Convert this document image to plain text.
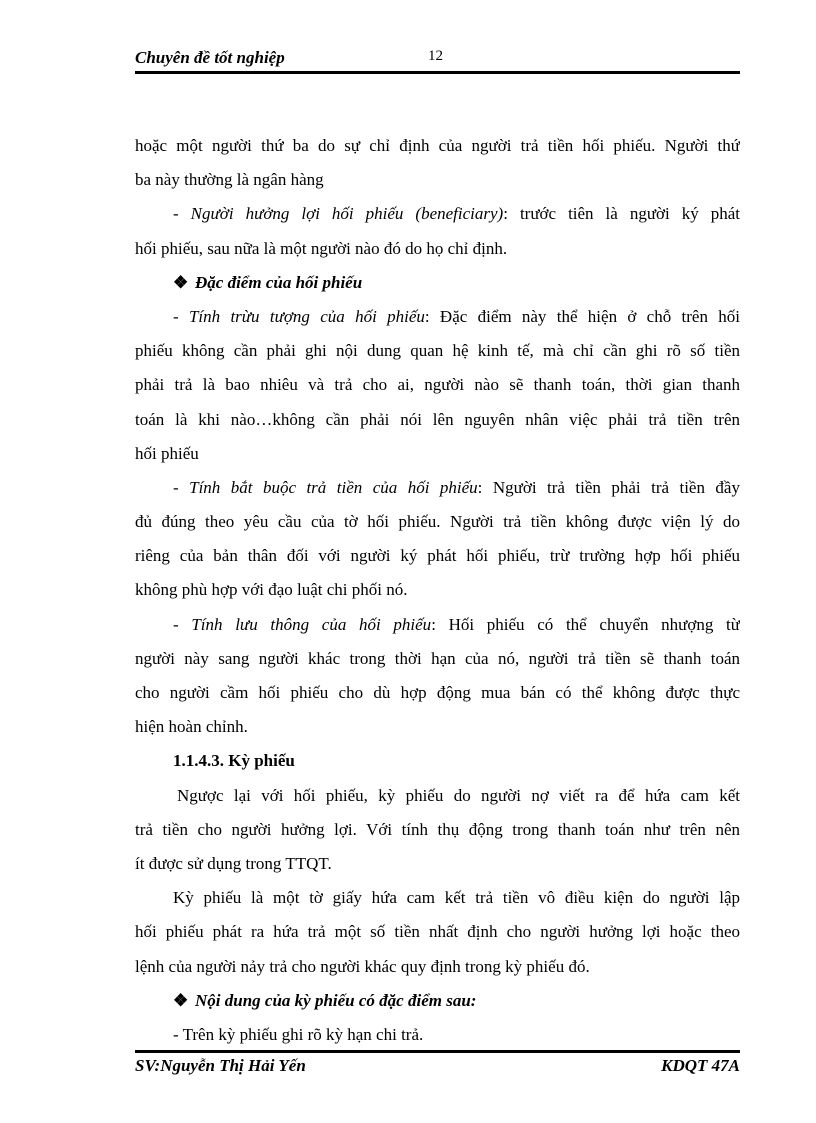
Chuyên đề tốt nghiệp	12
hoặc một người thứ ba do sự chỉ định của người trả tiền hối phiếu. Người thứ
ba này thường là ngân hàng
- Người hưởng lợi hối phiếu (beneficiary): trước tiên là người ký phát
hối phiếu, sau nữa là một người nào đó do họ chỉ định.
❖ Đặc điểm của hối phiếu
- Tính trừu tượng của hối phiếu: Đặc điểm này thể hiện ở chỗ trên hối
phiếu không cần phải ghi nội dung quan hệ kinh tế, mà chỉ cần ghi rõ số tiền
phải trả là bao nhiêu và trả cho ai, người nào sẽ thanh toán, thời gian thanh
toán là khi nào…không cần phải nói lên nguyên nhân việc phải trả tiền trên
hối phiếu
- Tính bắt buộc trả tiền của hối phiếu: Người trả tiền phải trả tiền đầy
đủ đúng theo yêu cầu của tờ hối phiếu. Người trả tiền không được viện lý do
riêng của bản thân đối với người ký phát hối phiếu, trừ trường hợp hối phiếu
không phù hợp với đạo luật chi phối nó.
- Tính lưu thông của hối phiếu: Hối phiếu có thể chuyển nhượng từ
người này sang người khác trong thời hạn của nó, người trả tiền sẽ thanh toán
cho người cầm hối phiếu cho dù hợp động mua bán có thể không được thực
hiện hoàn chỉnh.
1.1.4.3. Kỳ phiếu
Ngược lại với hối phiếu, kỳ phiếu do người nợ viết ra để hứa cam kết
trả tiền cho người hưởng lợi. Với tính thụ động trong thanh toán như trên nên
ít được sử dụng trong TTQT.
Kỳ phiếu là một tờ giấy hứa cam kết trả tiền vô điều kiện do người lập
hối phiếu phát ra hứa trả một số tiền nhất định cho người hưởng lợi hoặc theo
lệnh của người nảy trả cho người khác quy định trong kỳ phiếu đó.
❖ Nội dung của kỳ phiếu có đặc điểm sau:
- Trên kỳ phiếu ghi rõ kỳ hạn chi trả.
SV:Nguyễn Thị Hải Yến	KDQT 47A
